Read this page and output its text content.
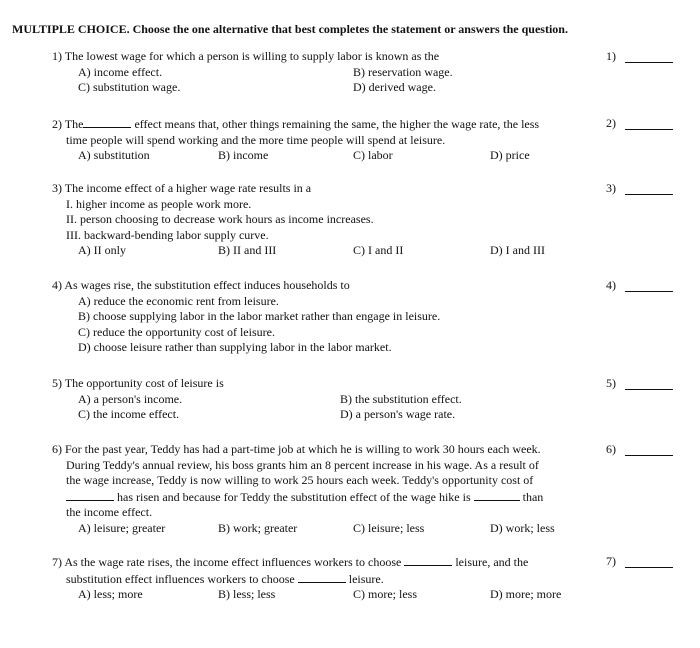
MULTIPLE CHOICE. Choose the one alternative that best completes the statement or answers the question.
1) The lowest wage for which a person is willing to supply labor is known as the
A) income effect.	B) reservation wage.
C) substitution wage.	D) derived wage.
1)
2) The	effect means that, other things remaining the same, the higher the wage rate, the less
time people will spend working and the more time people will spend at leisure.
A) substitution	B) income	C) labor	D) price
2)
3) The income effect of a higher wage rate results in a
I. higher income as people work more.
II. person choosing to decrease work hours as income increases.
III. backward-bending labor supply curve.
A) II only	B) II and III	C) I and II	D) I and III
3)
4) As wages rise, the substitution effect induces households to
A) reduce the economic rent from leisure.
B) choose supplying labor in the labor market rather than engage in leisure.
C) reduce the opportunity cost of leisure.
D) choose leisure rather than supplying labor in the labor market.
4)
5) The opportunity cost of leisure is
A) a person's income.	B) the substitution effect.
C) the income effect.	D) a person's wage rate.
5)
6) For the past year, Teddy has had a part-time job at which he is willing to work 30 hours each week.
During Teddy's annual review, his boss grants him an 8 percent increase in his wage. As a result of
the wage increase, Teddy is now willing to work 25 hours each week. Teddy's opportunity cost of
has risen and because for Teddy the substitution effect of the wage hike is	than
the income effect.
A) leisure; greater	B) work; greater	C) leisure; less	D) work; less
6)
7) As the wage rate rises, the income effect influences workers to choose	leisure, and the
substitution effect influences workers to choose	leisure.
A) less; more	B) less; less	C) more; less	D) more; more
7)
